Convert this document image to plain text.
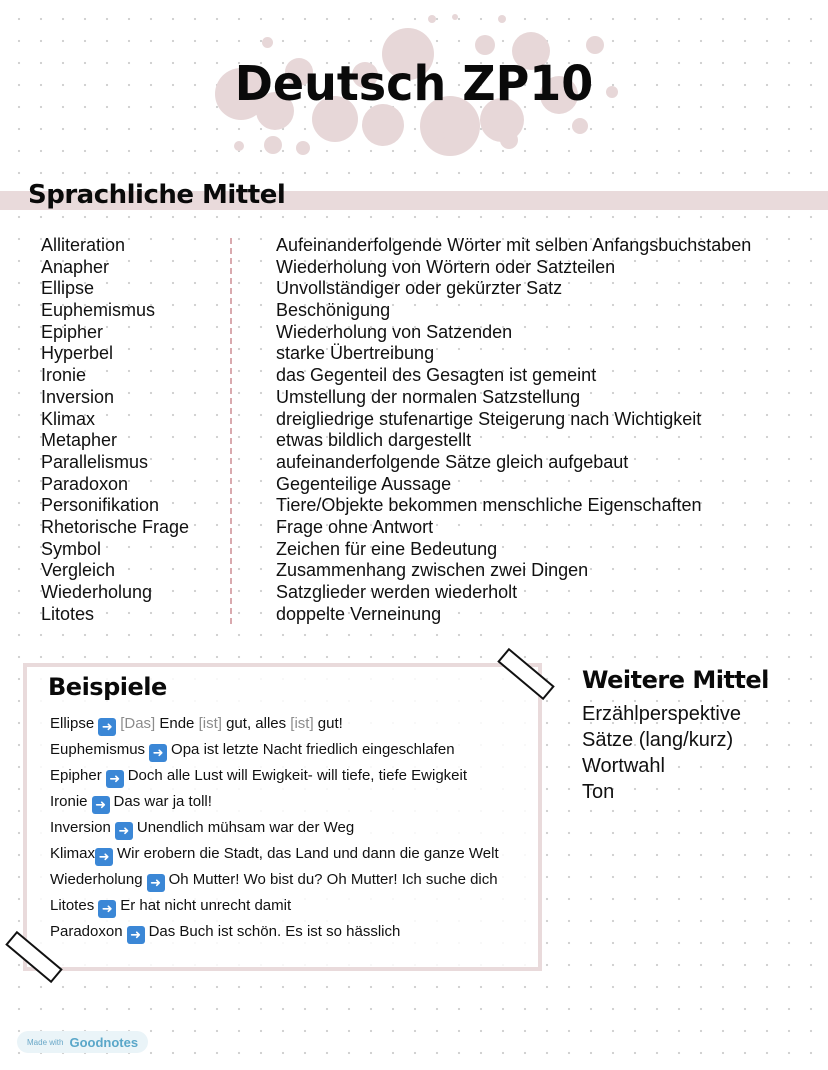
Deutsch ZP10
Sprachliche Mittel
Alliteration
Anapher
Ellipse
Euphemismus
Epipher
Hyperbel
Ironie
Inversion
Klimax
Metapher
Parallelismus
Paradoxon
Personifikation
Rhetorische Frage
Symbol
Vergleich
Wiederholung
Litotes
Aufeinanderfolgende Wörter mit selben Anfangsbuchstaben
Wiederholung von Wörtern oder Satzteilen
Unvollständiger oder gekürzter Satz
Beschönigung
Wiederholung von Satzenden
starke Übertreibung
das Gegenteil des Gesagten ist gemeint
Umstellung der normalen Satzstellung
dreigliedrige stufenartige Steigerung nach Wichtigkeit
etwas bildlich dargestellt
aufeinanderfolgende Sätze gleich aufgebaut
Gegenteilige Aussage
Tiere/Objekte bekommen menschliche Eigenschaften
Frage ohne Antwort
Zeichen für eine Bedeutung
Zusammenhang zwischen zwei Dingen
Satzglieder werden wiederholt
doppelte Verneinung
Beispiele
Ellipse ➜ [Das] Ende [ist] gut, alles [ist] gut!
Euphemismus ➜ Opa ist letzte Nacht friedlich eingeschlafen
Epipher ➜ Doch alle Lust will Ewigkeit- will tiefe, tiefe Ewigkeit
Ironie ➜ Das war ja toll!
Inversion ➜ Unendlich mühsam war der Weg
Klimax ➜ Wir erobern die Stadt, das Land und dann die ganze Welt
Wiederholung ➜ Oh Mutter! Wo bist du? Oh Mutter! Ich suche dich
Litotes ➜ Er hat nicht unrecht damit
Paradoxon ➜ Das Buch ist schön. Es ist so hässlich
Weitere Mittel
Erzählperspektive
Sätze (lang/kurz)
Wortwahl
Ton
Made with Goodnotes
